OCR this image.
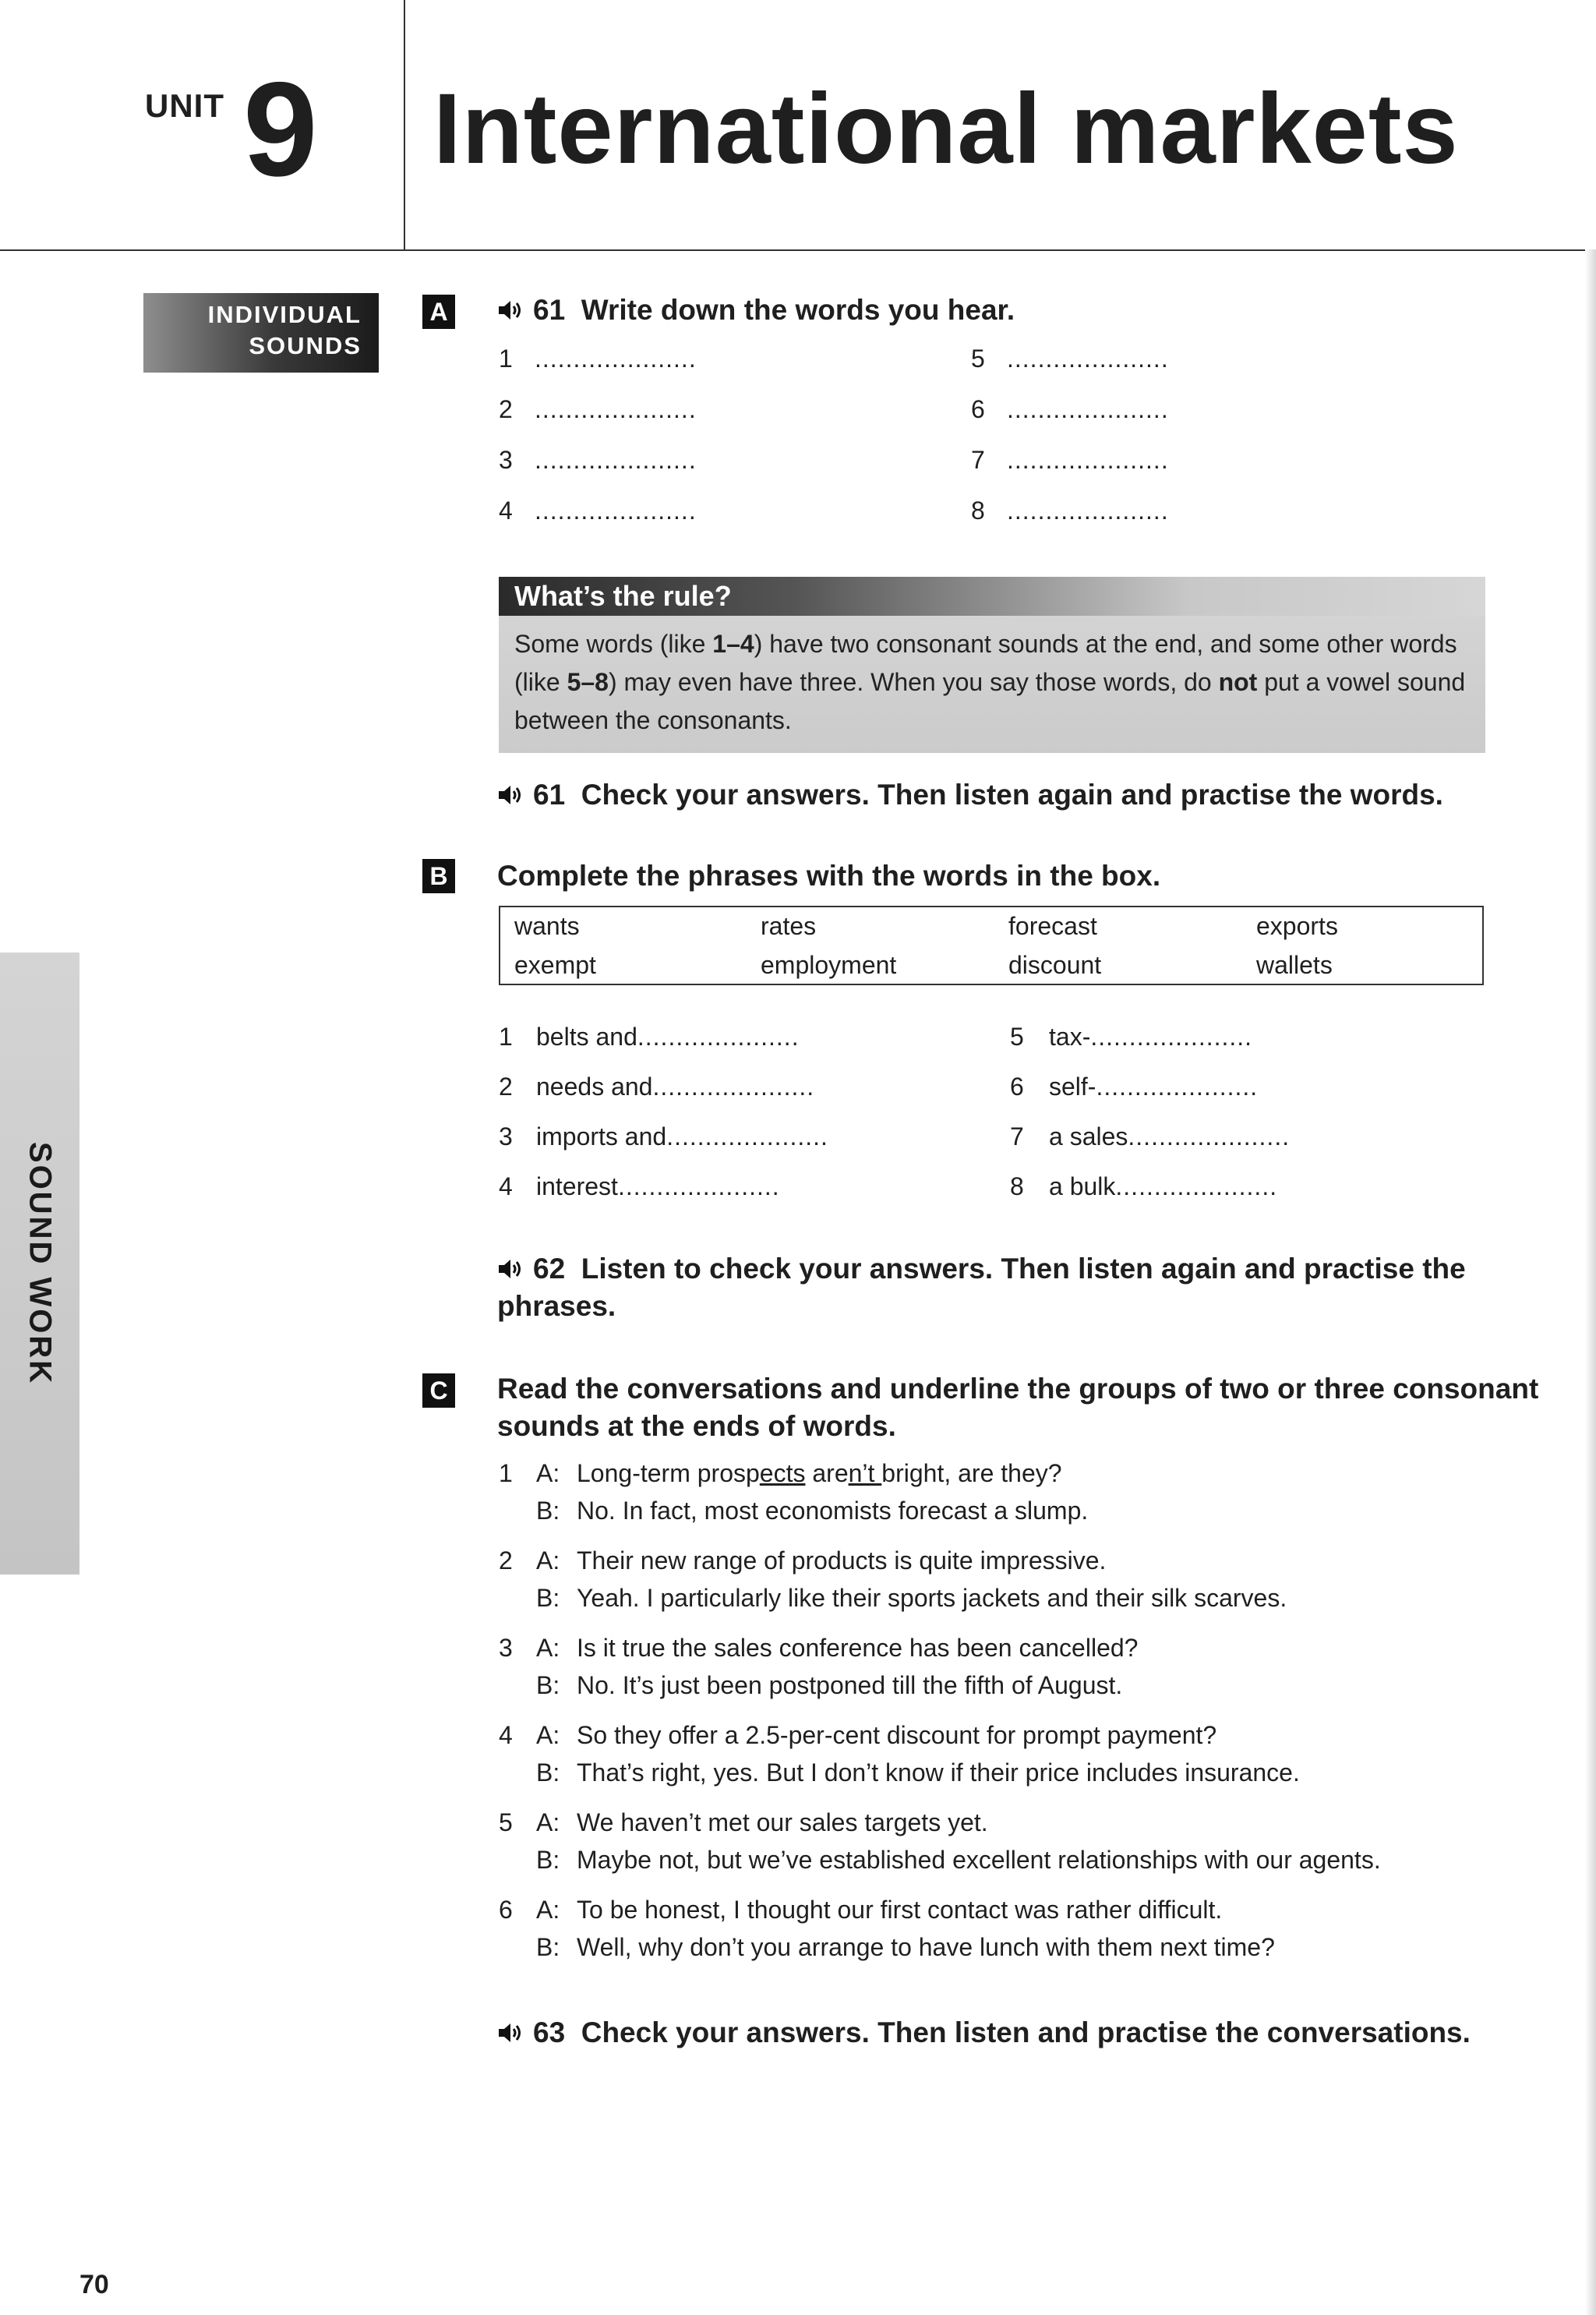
UNIT 9 International markets
INDIVIDUAL
SOUNDS
SOUND WORK
A	61 Write down the words you hear.
1 .....................
2 .....................
3 .....................
4 .....................
5 .....................
6 .....................
7 .....................
8 .....................
What’s the rule?
Some words (like 1–4) have two consonant sounds at the end, and some other words (like 5–8) may even have three. When you say those words, do not put a vowel sound between the consonants.
61 Check your answers. Then listen again and practise the words.
B Complete the phrases with the words in the box.
wants	rates	forecast	exports
exempt	employment	discount	wallets
1 belts and.....................
2 needs and.....................
3 imports and.....................
4 interest.....................
5 tax-.....................
6 self-.....................
7 a sales.....................
8 a bulk.....................
62 Listen to check your answers. Then listen again and practise the
phrases.
C Read the conversations and underline the groups of two or three consonant
sounds at the ends of words.
1 A: Long-term prospects aren’t bright, are they?
B: No. In fact, most economists forecast a slump.
2 A: Their new range of products is quite impressive.
B: Yeah. I particularly like their sports jackets and their silk scarves.
3 A: Is it true the sales conference has been cancelled?
B: No. It’s just been postponed till the fifth of August.
4 A: So they offer a 2.5-per-cent discount for prompt payment?
B: That’s right, yes. But I don’t know if their price includes insurance.
5 A: We haven’t met our sales targets yet.
B: Maybe not, but we’ve established excellent relationships with our agents.
6 A: To be honest, I thought our first contact was rather difficult.
B: Well, why don’t you arrange to have lunch with them next time?
63 Check your answers. Then listen and practise the conversations.
70
